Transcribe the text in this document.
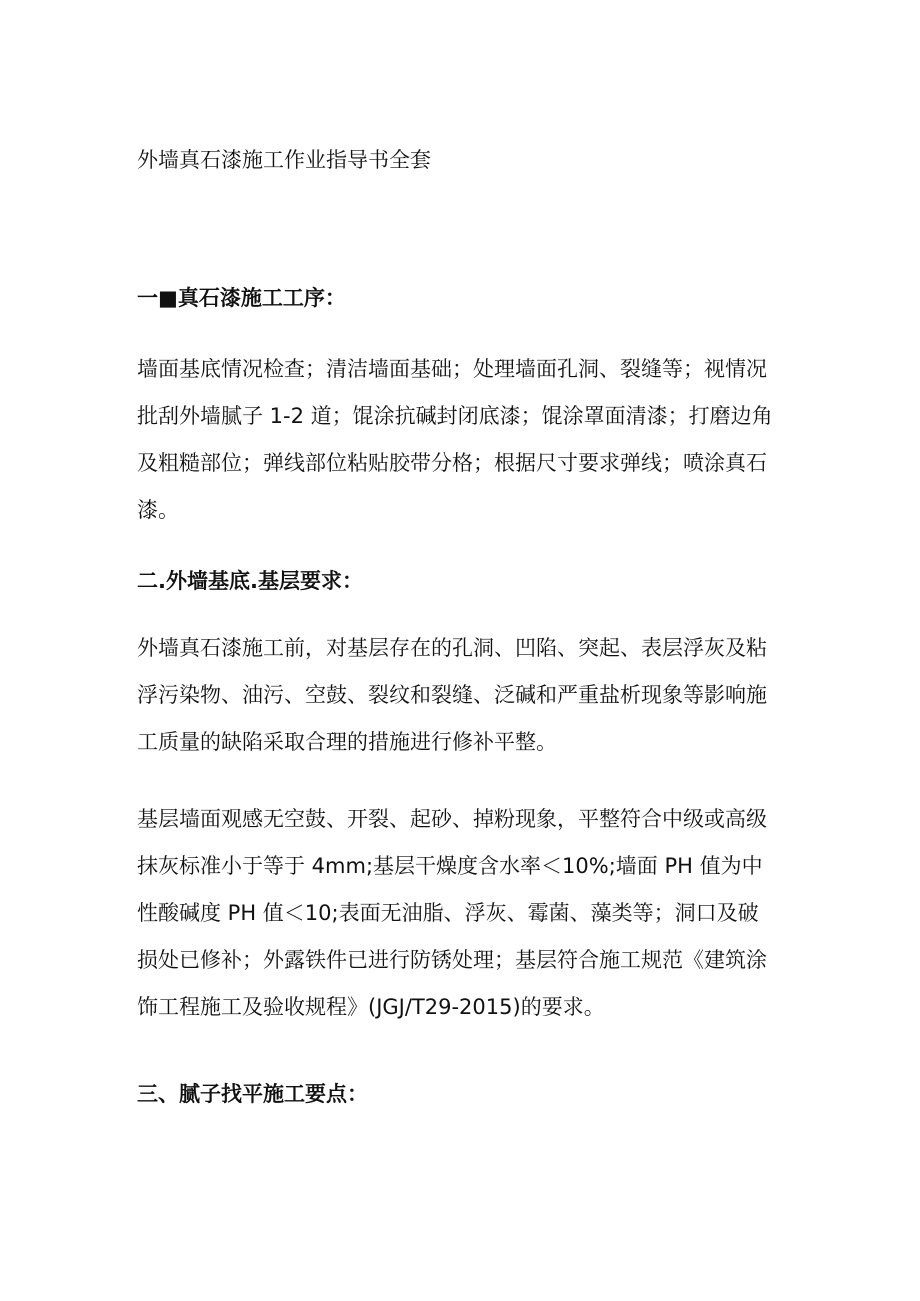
外墙真石漆施工作业指导书全套
一■真石漆施工工序：
墙面基底情况检查；清洁墙面基础；处理墙面孔洞、裂缝等；视情况
批刮外墙腻子 1-2 道；馄涂抗碱封闭底漆；馄涂罩面清漆；打磨边角
及粗糙部位；弹线部位粘贴胶带分格；根据尺寸要求弹线；喷涂真石
漆。
二.外墙基底.基层要求：
外墙真石漆施工前，对基层存在的孔洞、凹陷、突起、表层浮灰及粘
浮污染物、油污、空鼓、裂纹和裂缝、泛碱和严重盐析现象等影响施
工质量的缺陷采取合理的措施进行修补平整。
基层墙面观感无空鼓、开裂、起砂、掉粉现象，平整符合中级或高级
抹灰标准小于等于 4mm;基层干燥度含水率＜10%;墙面 PH 值为中
性酸碱度 PH 值＜10;表面无油脂、浮灰、霉菌、藻类等；洞口及破
损处已修补；外露铁件已进行防锈处理；基层符合施工规范《建筑涂
饰工程施工及验收规程》(JGJ/T29-2015)的要求。
三、腻子找平施工要点：
